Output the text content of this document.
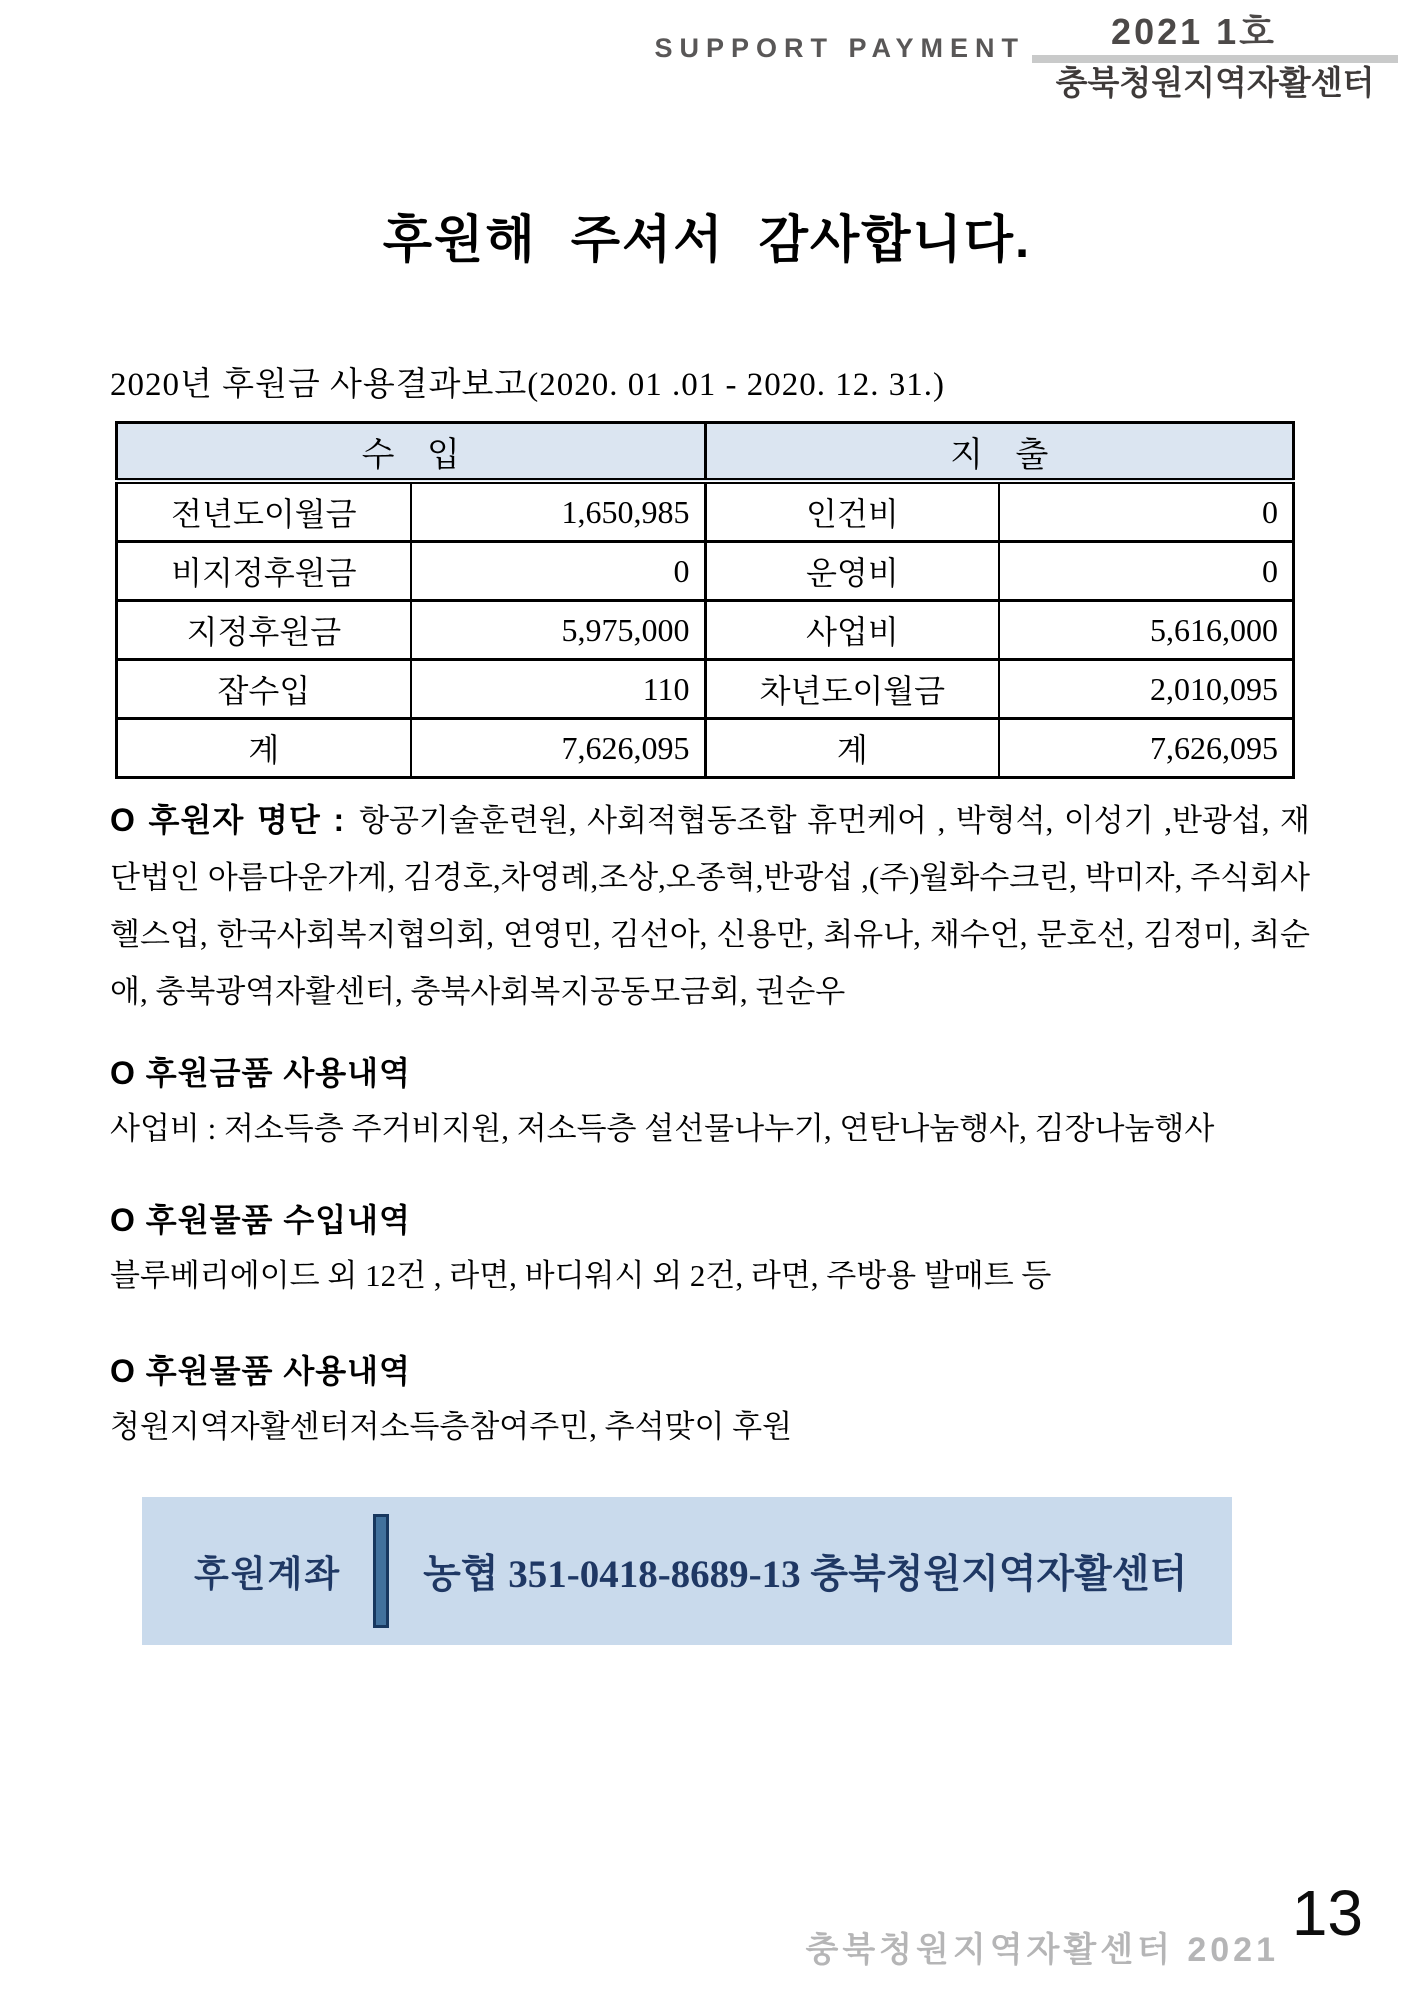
SUPPORT PAYMENT	2021 1호
충북청원지역자활센터
후원해 주셔서 감사합니다.
2020년 후원금 사용결과보고(2020. 01 .01 - 2020. 12. 31.)
수 입		지 출	
전년도이월금	1,650,985	인건비	0
비지정후원금	0	운영비	0
지정후원금	5,975,000	사업비	5,616,000
잡수입	110	차년도이월금	2,010,095
계	7,626,095	계	7,626,095
O 후원자 명단 : 항공기술훈련원, 사회적협동조합 휴먼케어 , 박형석, 이성기 ,반광섭, 재단법인 아름다운가게, 김경호,차영례,조상,오종혁,반광섭 ,(주)월화수크린, 박미자, 주식회사 헬스업, 한국사회복지협의회, 연영민, 김선아, 신용만, 최유나, 채수언, 문호선, 김정미, 최순애, 충북광역자활센터, 충북사회복지공동모금회, 권순우
O 후원금품 사용내역
사업비 : 저소득층 주거비지원, 저소득층 설선물나누기, 연탄나눔행사, 김장나눔행사
O 후원물품 수입내역
블루베리에이드 외 12건 , 라면, 바디워시 외 2건, 라면, 주방용 발매트 등
O 후원물품 사용내역
청원지역자활센터저소득층참여주민, 추석맞이 후원
후원계좌 농협 351-0418-8689-13 충북청원지역자활센터
충북청원지역자활센터 2021
13
